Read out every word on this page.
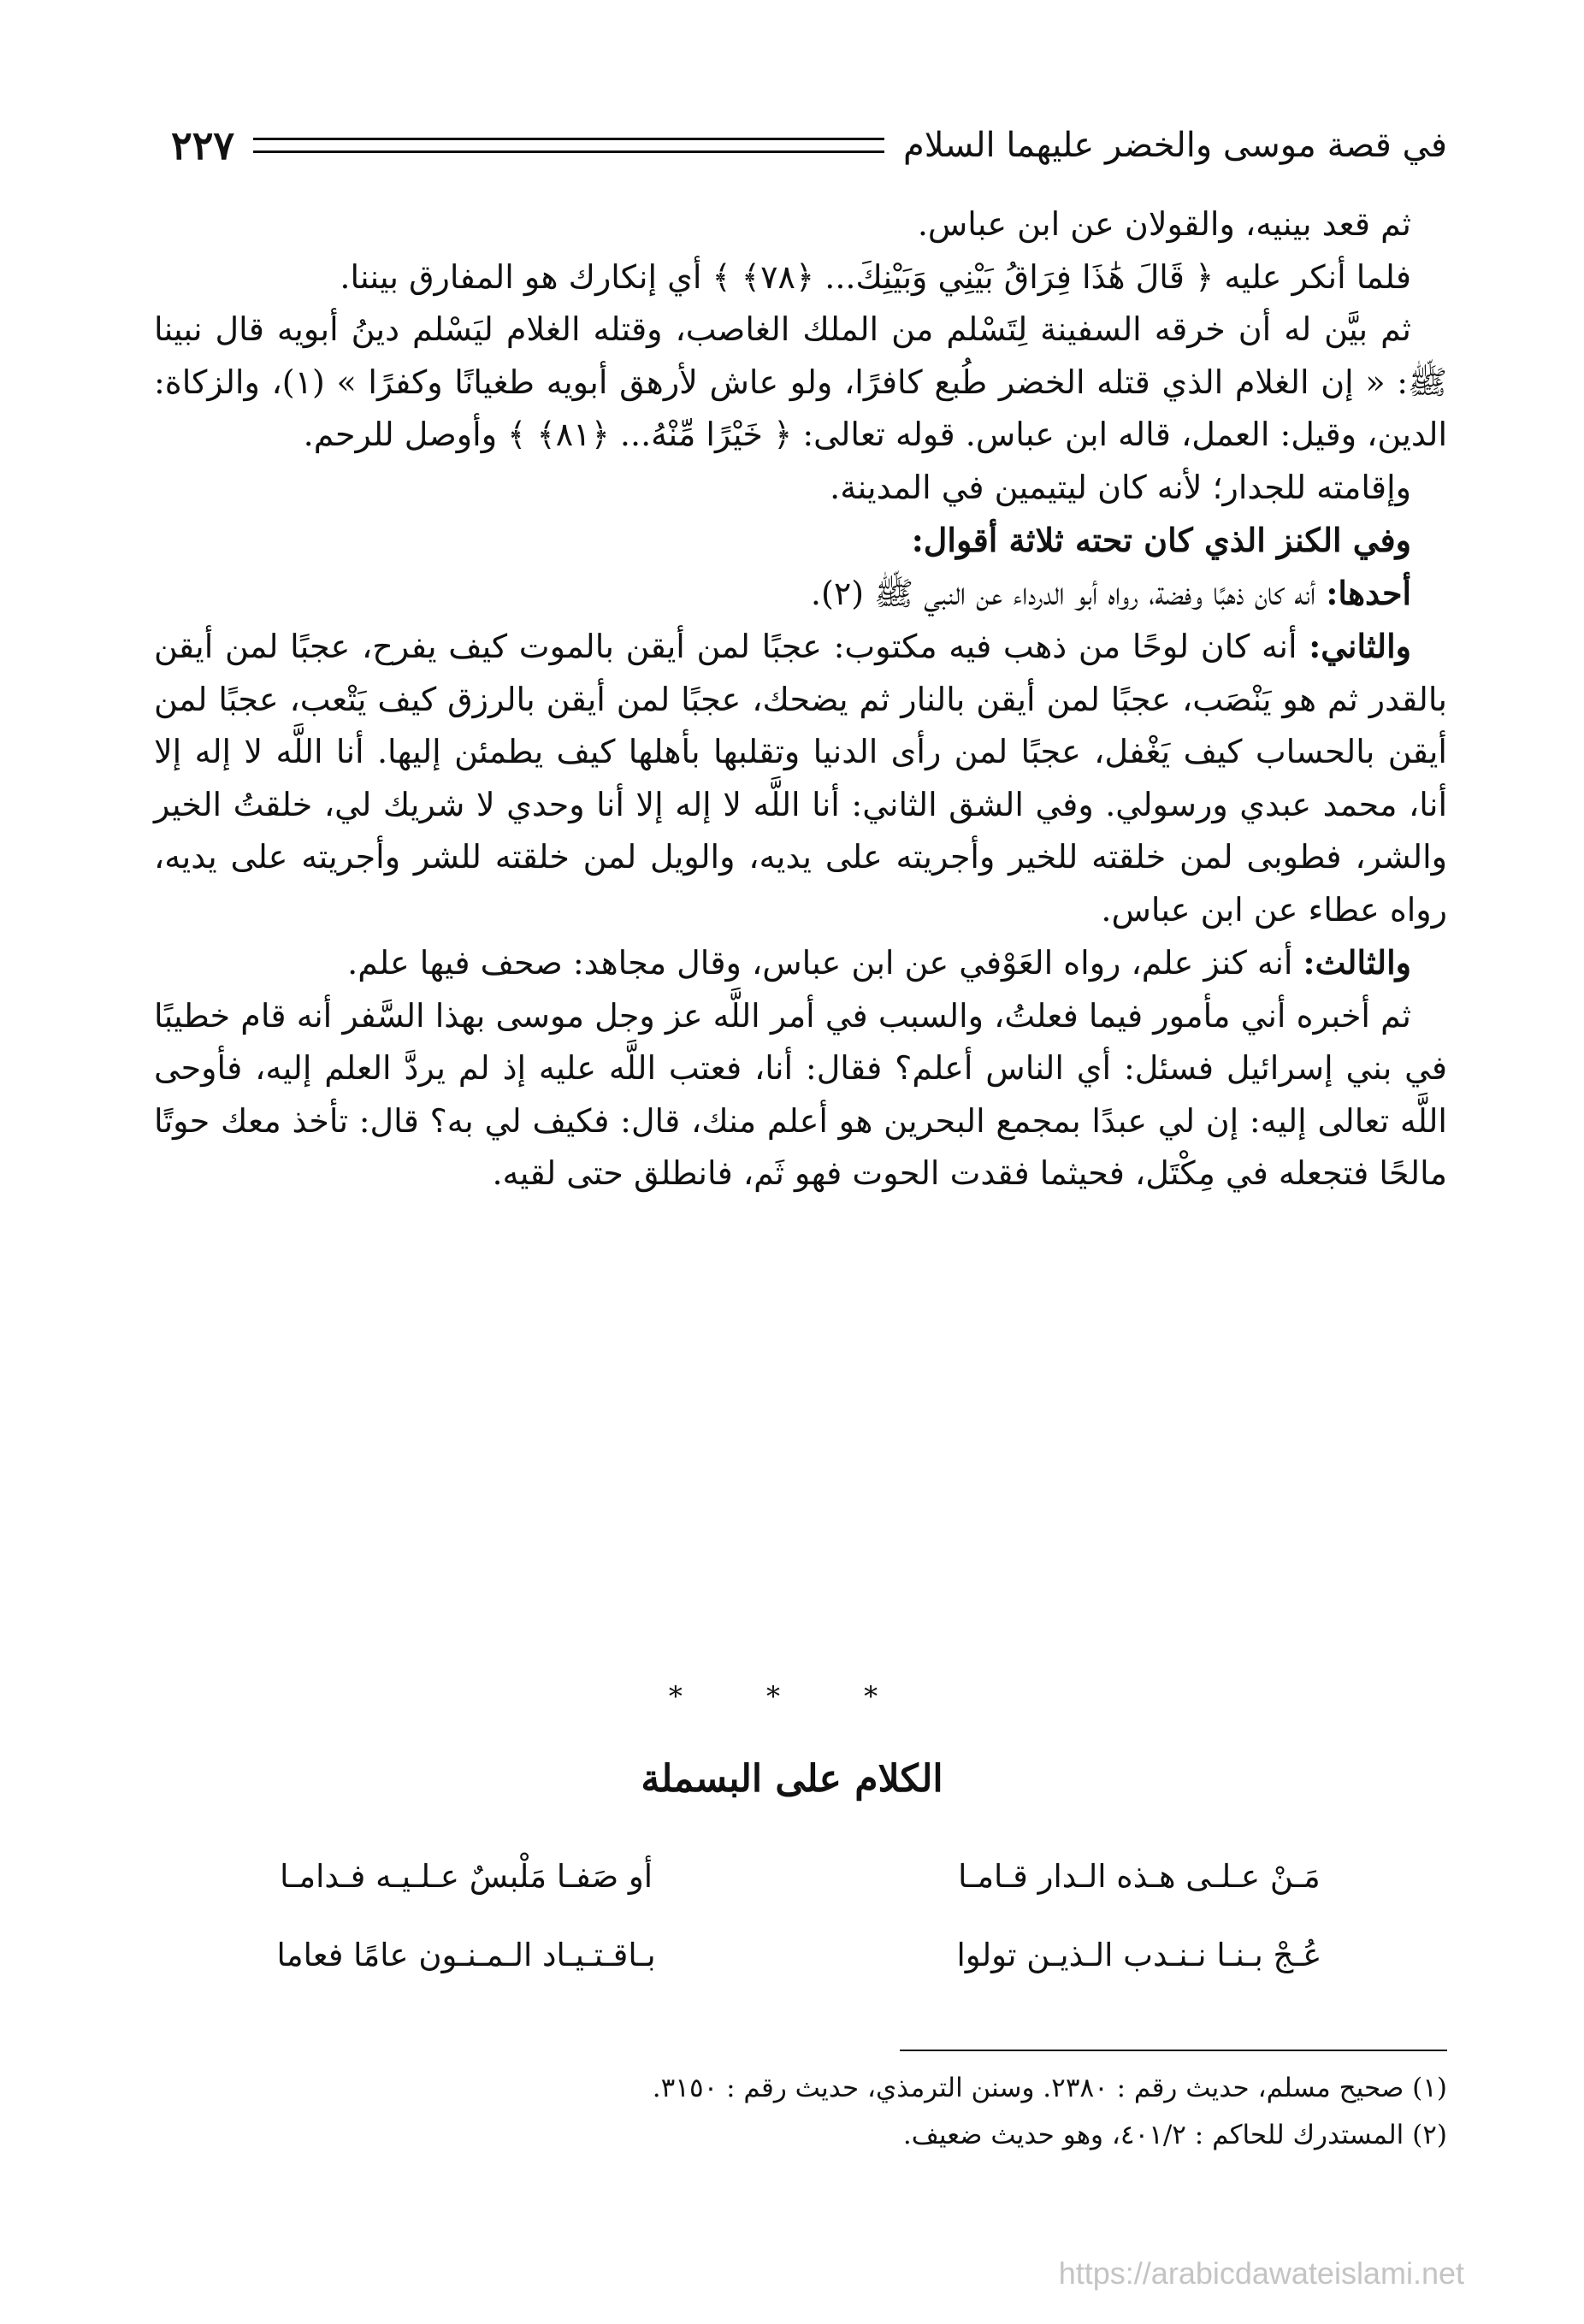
في قصة موسى والخضر عليهما السلام
٢٢٧

ثم قعد بينيه، والقولان عن ابن عباس.

فلما أنكر عليه ﴿ قَالَ هَٰذَا فِرَاقُ بَيْنِي وَبَيْنِكَ... ﴿٧٨﴾ ﴾ أي إنكارك هو المفارق بيننا.

ثم بيَّن له أن خرقه السفينة لِتَسْلم من الملك الغاصب، وقتله الغلام ليَسْلم دينُ أبويه قال نبينا ﷺ: « إن الغلام الذي قتله الخضر طُبع كافرًا، ولو عاش لأرهق أبويه طغيانًا وكفرًا » (١)، والزكاة: الدين، وقيل: العمل، قاله ابن عباس. قوله تعالى: ﴿ خَيْرًا مِّنْهُ... ﴿٨١﴾ ﴾ وأوصل للرحم.

وإقامته للجدار؛ لأنه كان ليتيمين في المدينة.

وفي الكنز الذي كان تحته ثلاثة أقوال:

أحدها: أنه كان ذهبًا وفضة، رواه أبو الدرداء عن النبي ﷺ (٢).

والثاني: أنه كان لوحًا من ذهب فيه مكتوب: عجبًا لمن أيقن بالموت كيف يفرح، عجبًا لمن أيقن بالقدر ثم هو يَنْصَب، عجبًا لمن أيقن بالنار ثم يضحك، عجبًا لمن أيقن بالرزق كيف يَتْعب، عجبًا لمن أيقن بالحساب كيف يَغْفل، عجبًا لمن رأى الدنيا وتقلبها بأهلها كيف يطمئن إليها. أنا اللَّه لا إله إلا أنا، محمد عبدي ورسولي. وفي الشق الثاني: أنا اللَّه لا إله إلا أنا وحدي لا شريك لي، خلقتُ الخير والشر، فطوبى لمن خلقته للخير وأجريته على يديه، والويل لمن خلقته للشر وأجريته على يديه، رواه عطاء عن ابن عباس.

والثالث: أنه كنز علم، رواه العَوْفي عن ابن عباس، وقال مجاهد: صحف فيها علم.

ثم أخبره أني مأمور فيما فعلتُ، والسبب في أمر اللَّه عز وجل موسى بهذا السَّفر أنه قام خطيبًا في بني إسرائيل فسئل: أي الناس أعلم؟ فقال: أنا، فعتب اللَّه عليه إذ لم يردَّ العلم إليه، فأوحى اللَّه تعالى إليه: إن لي عبدًا بمجمع البحرين هو أعلم منك، قال: فكيف لي به؟ قال: تأخذ معك حوتًا مالحًا فتجعله في مِكْتَل، فحيثما فقدت الحوت فهو ثَم، فانطلق حتى لقيه.

* * *
الكلام على البسملة
مَـنْ عـلـى هـذه الـدار قـامـا
أو صَفـا مَلْبسٌ عـلـيـه فـدامـا
عُـجْ بـنـا نـنـدب الـذيـن تولوا
بـاقـتـيـاد الـمـنـون عامًا فعاما

(١) صحيح مسلم، حديث رقم : ٢٣٨٠. وسنن الترمذي، حديث رقم : ٣١٥٠.

(٢) المستدرك للحاكم : ٤٠١/٢، وهو حديث ضعيف.

https://arabicdawateislami.net
